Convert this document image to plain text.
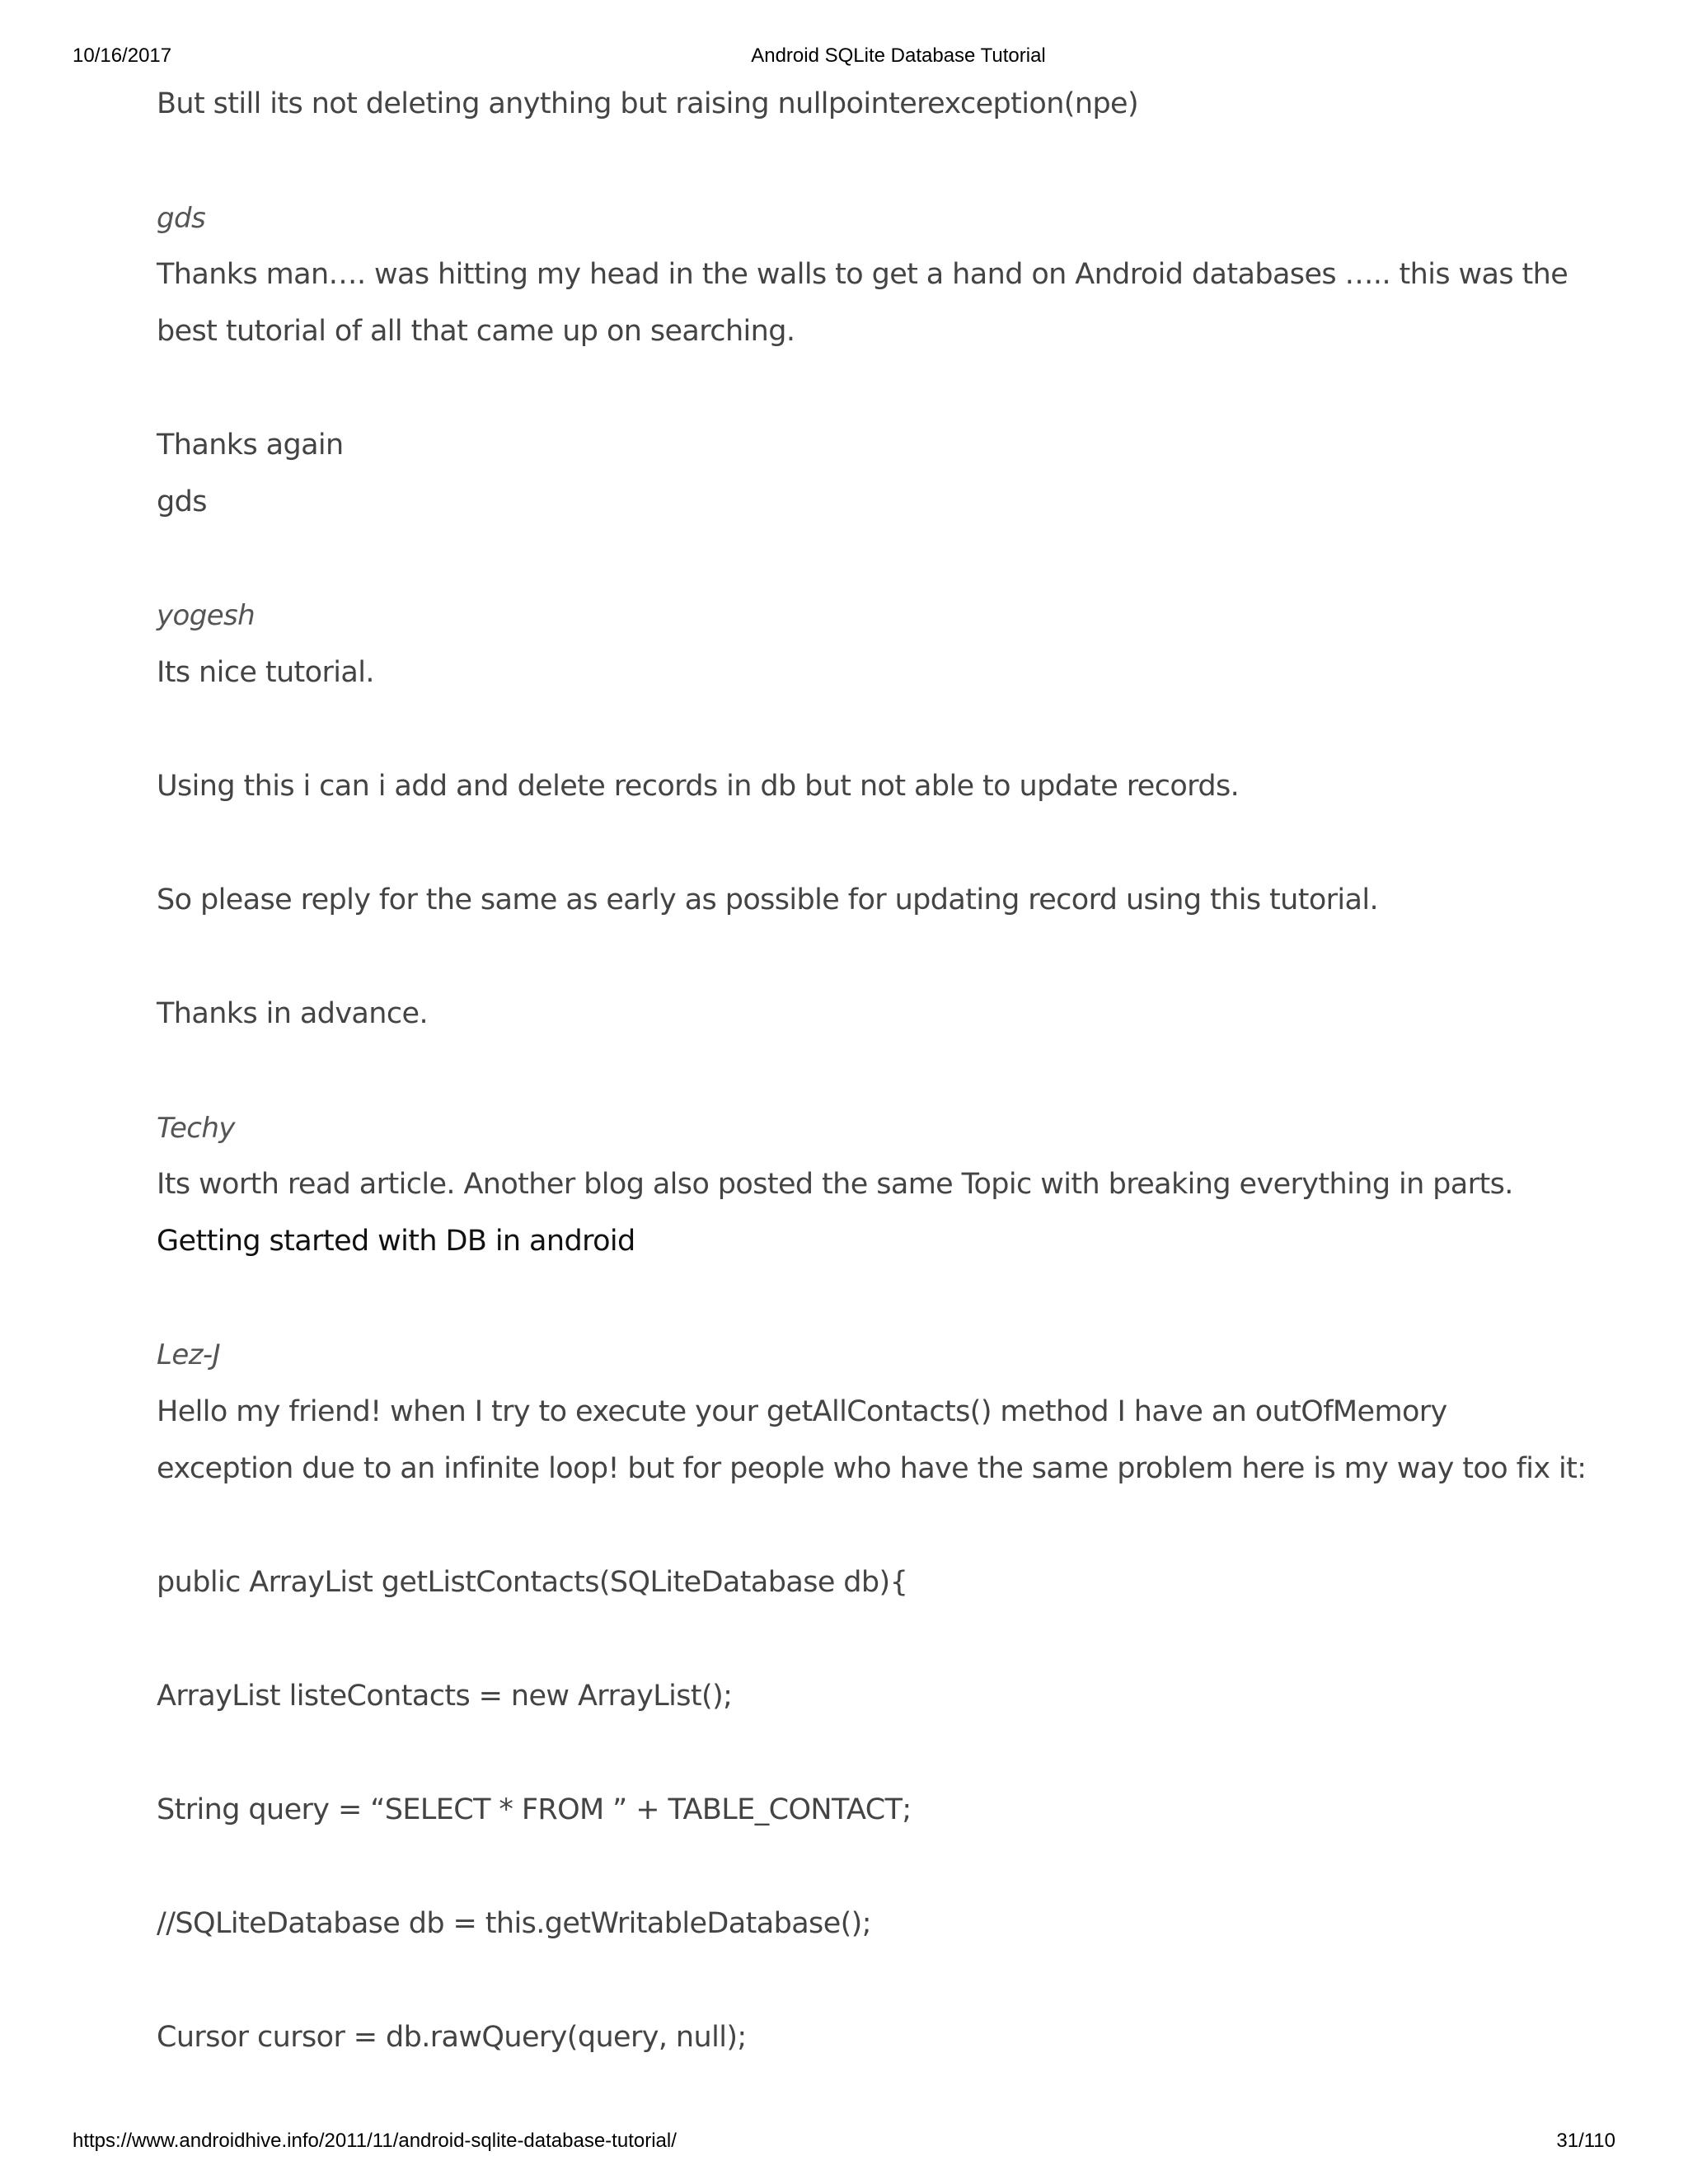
10/16/2017	Android SQLite Database Tutorial
But still its not deleting anything but raising nullpointerexception(npe)
gds
Thanks man…. was hitting my head in the walls to get a hand on Android databases ….. this was the
best tutorial of all that came up on searching.
Thanks again
gds
yogesh
Its nice tutorial.
Using this i can i add and delete records in db but not able to update records.
So please reply for the same as early as possible for updating record using this tutorial.
Thanks in advance.
Techy
Its worth read article. Another blog also posted the same Topic with breaking everything in parts.
Getting started with DB in android
Lez-J
Hello my friend! when I try to execute your getAllContacts() method I have an outOfMemory
exception due to an infinite loop! but for people who have the same problem here is my way too fix it:
public ArrayList getListContacts(SQLiteDatabase db){
ArrayList listeContacts = new ArrayList();
String query = “SELECT * FROM ” + TABLE_CONTACT;
//SQLiteDatabase db = this.getWritableDatabase();
Cursor cursor = db.rawQuery(query, null);
https://www.androidhive.info/2011/11/android-sqlite-database-tutorial/	31/110
